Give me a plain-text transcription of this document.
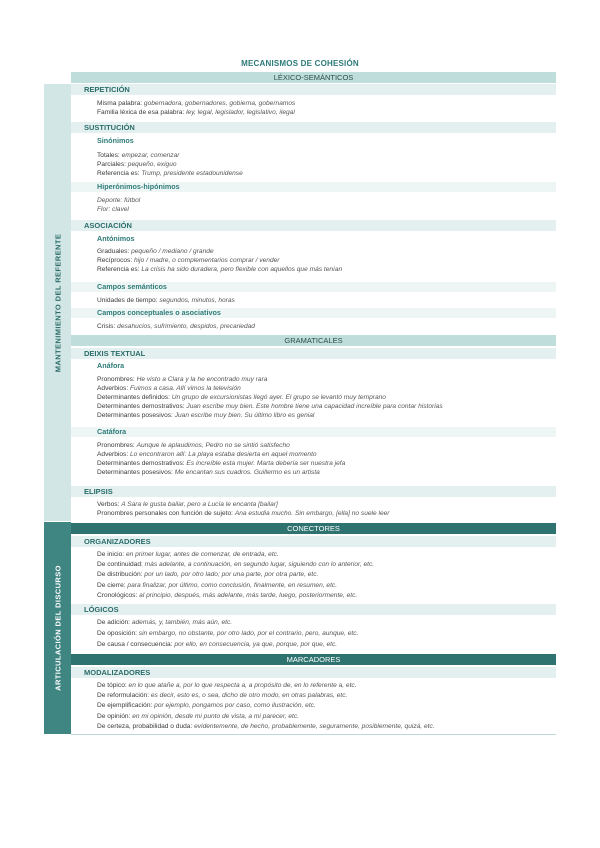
MECANISMOS DE COHESIÓN
MANTENIMIENTO DEL REFERENTE
ARTICULACIÓN DEL DISCURSO
LÉXICO-SEMÁNTICOS
GRAMATICALES
CONECTORES
MARCADORES
REPETICIÓN
Misma palabra: gobernadora, gobernadores, gobierna, gobernamos
Familia léxica de esa palabra: ley, legal, legislador, legislativo, ilegal
SUSTITUCIÓN
Sinónimos
Totales: empezar, comenzar
Parciales: pequeño, exiguo
Referencia es: Trump, presidente estadounidense
Hiperónimos-hipónimos
Deporte: fútbol
Flor: clavel
ASOCIACIÓN
Antónimos
Graduales: pequeño / mediano / grande
Recíprocos: hijo / madre, o complementarios comprar / vender
Referencia es: La crisis ha sido duradera, pero flexible con aquellos que más tenían
Campos semánticos
Unidades de tiempo: segundos, minutos, horas
Campos conceptuales o asociativos
Crisis: desahucios, sufrimiento, despidos, precariedad
DEIXIS TEXTUAL
Anáfora
Pronombres: He visto a Clara y la he encontrado muy rara
Adverbios: Fuimos a casa. Allí vimos la televisión
Determinantes definidos: Un grupo de excursionistas llegó ayer. El grupo se levantó muy temprano
Determinantes demostrativos: Juan escribe muy bien. Este hombre tiene una capacidad increíble para contar historias
Determinantes posesivos: Juan escribe muy bien. Su último libro es genial
Catáfora
Pronombres: Aunque le aplaudimos, Pedro no se sintió satisfecho
Adverbios: Lo encontraron allí: La playa estaba desierta en aquel momento
Determinantes demostrativos: Es increíble esta mujer. Marta debería ser nuestra jefa
Determinantes posesivos: Me encantan sus cuadros. Guillermo es un artista
ELIPSIS
Verbos: A Sara le gusta bailar, pero a Lucía le encanta [bailar]
Pronombres personales con función de sujeto: Ana estudia mucho. Sin embargo, [ella] no suele leer
ORGANIZADORES
De inicio: en primer lugar, antes de comenzar, de entrada, etc.
De continuidad: más adelante, a continuación, en segundo lugar, siguiendo con lo anterior, etc.
De distribución: por un lado, por otro lado; por una parte, por otra parte, etc.
De cierre: para finalizar, por último, como conclusión, finalmente, en resumen, etc.
Cronológicos: al principio, después, más adelante, más tarde, luego, posteriormente, etc.
LÓGICOS
De adición: además, y, también, más aún, etc.
De oposición: sin embargo, no obstante, por otro lado, por el contrario, pero, aunque, etc.
De causa / consecuencia: por ello, en consecuencia, ya que, porque, por que, etc.
MODALIZADORES
De tópico: en lo que atañe a, por lo que respecta a, a propósito de, en lo referente a, etc.
De reformulación: es decir, esto es, o sea, dicho de otro modo, en otras palabras, etc.
De ejemplificación: por ejemplo, pongamos por caso, como ilustración, etc.
De opinión: en mi opinión, desde mi punto de vista, a mi parecer, etc.
De certeza, probabilidad o duda: evidentemente, de hecho, probablemente, seguramente, posiblemente, quizá, etc.
